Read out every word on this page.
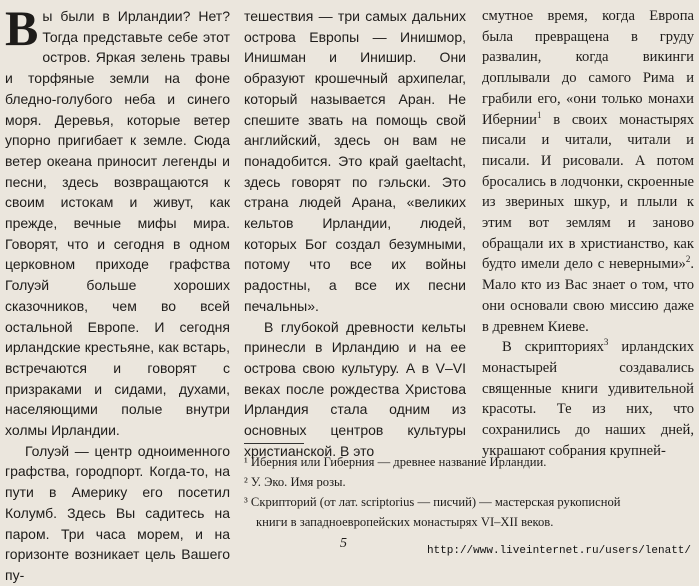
Вы были в Ирландии? Нет? Тогда представьте себе этот остров. Яркая зелень травы и торфяные земли на фоне бледно-голубого неба и синего моря. Деревья, которые ветер упорно пригибает к земле. Сюда ветер океана приносит легенды и песни, здесь возвращаются к своим истокам и живут, как прежде, вечные мифы мира. Говорят, что и сегодня в одном церковном приходе графства Голуэй больше хороших сказочников, чем во всей остальной Европе. И сегодня ирландские крестьяне, как встарь, встречаются и говорят с призраками и сидами, духами, населяющими полые внутри холмы Ирландии.

Голуэй — центр одноименного графства, городпорт. Когда-то, на пути в Америку его посетил Колумб. Здесь Вы садитесь на паром. Три часа морем, и на горизонте возникает цель Вашего пу-

тешествия — три самых дальних острова Европы — Инишмор, Инишман и Инишир. Они образуют крошечный архипелаг, который называется Аран. Не спешите звать на помощь свой английский, здесь он вам не понадобится. Это край gaeltacht, здесь говорят по гэльски. Это страна людей Арана, «великих кельтов Ирландии, людей, которых Бог создал безумными, потому что все их войны радостны, а все их песни печальны».

В глубокой древности кельты принесли в Ирландию и на ее острова свою культуру. А в V–VI веках после рождества Христова Ирландия стала одним из основных центров культуры христианской. В это

смутное время, когда Европа была превращена в груду развалин, когда викинги доплывали до самого Рима и грабили его, «они только монахи Ибернии$^1$ в своих монастырях писали и читали, читали и писали. И рисовали. А потом бросались в лодчонки, скроенные из звериных шкур, и плыли к этим вот землям и заново обращали их в христианство, как будто имели дело с неверными»$^2$. Мало кто из Вас знает о том, что они основали свою миссию даже в древнем Киеве.

В скрипториях$^3$ ирландских монастырей создавались священные книги удивительной красоты. Те из них, что сохранились до наших дней, украшают собрания крупней-

¹ Иберния или Гиберния — древнее название Ирландии.

² У. Эко. Имя розы.

³ Скрипторий (от лат. scriptorius — писчий) — мастерская рукописной

книги в западноевропейских монастырях VI–XII веков.

5	http://www.liveinternet.ru/users/lenatt/
